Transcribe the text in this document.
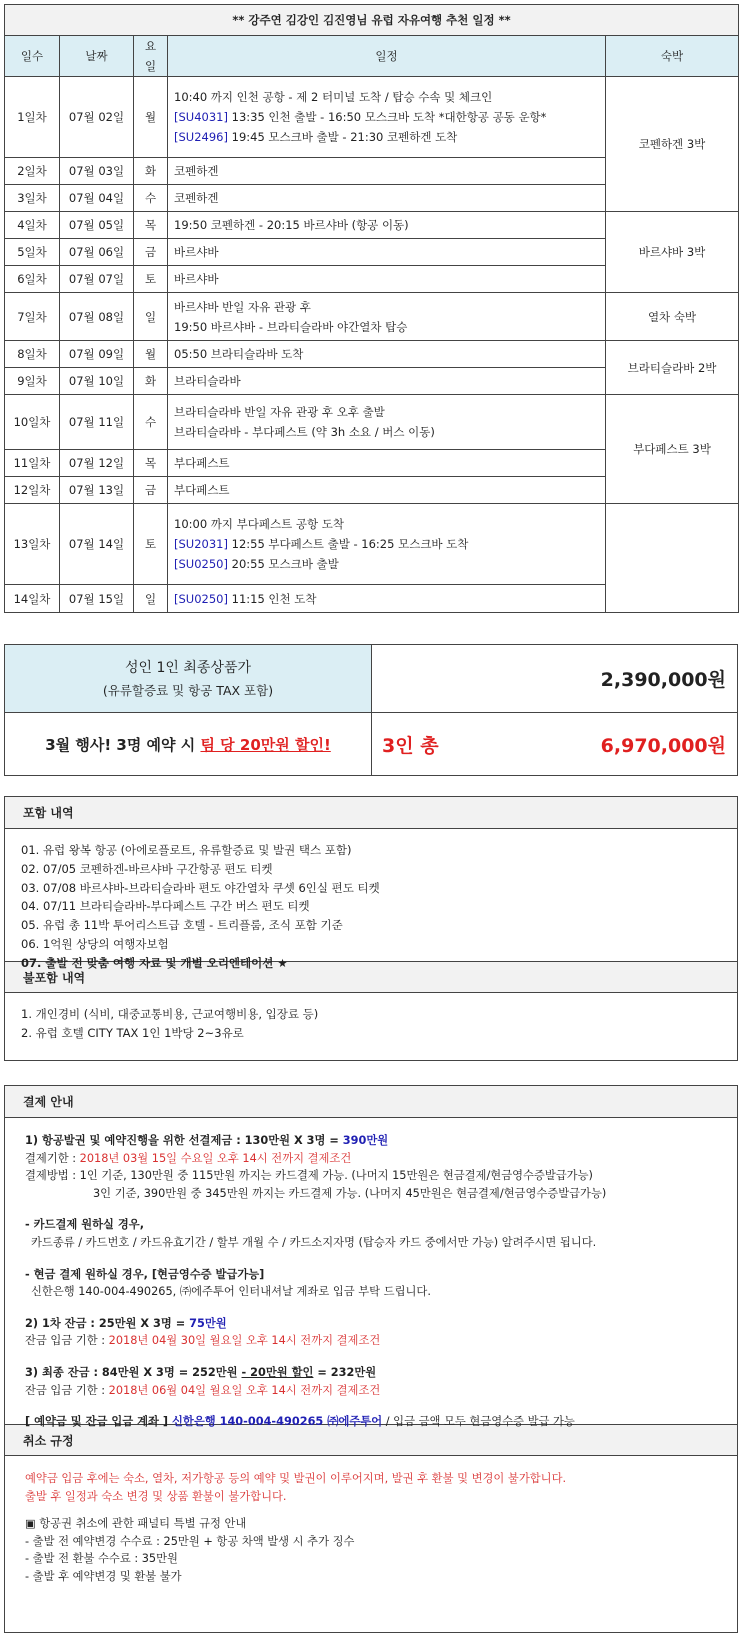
** 강주연 김강인 김진영님 유럽 자유여행 추천 일정 **				
일수	날짜	요일	일정	숙박
1일차	07월 02일	월	10:40 까지 인천 공항 - 제 2 터미널 도착 / 탑승 수속 및 체크인
[SU4031] 13:35 인천 출발 - 16:50 모스크바 도착 *대한항공 공동 운항*
[SU2496] 19:45 모스크바 출발 - 21:30 코펜하겐 도착	코펜하겐 3박
2일차	07월 03일	화	코펜하겐	
3일차	07월 04일	수	코펜하겐	
4일차	07월 05일	목	19:50 코펜하겐 - 20:15 바르샤바 (항공 이동)	바르샤바 3박
5일차	07월 06일	금	바르샤바	
6일차	07월 07일	토	바르샤바	
7일차	07월 08일	일	바르샤바 반일 자유 관광 후
19:50 바르샤바 - 브라티슬라바 야간열차 탑승	열차 숙박
8일차	07월 09일	월	05:50 브라티슬라바 도착	브라티슬라바 2박
9일차	07월 10일	화	브라티슬라바	
10일차	07월 11일	수	브라티슬라바 반일 자유 관광 후 오후 출발
브라티슬라바 - 부다페스트 (약 3h 소요 / 버스 이동)	부다페스트 3박
11일차	07월 12일	목	부다페스트	
12일차	07월 13일	금	부다페스트	
13일차	07월 14일	토	10:00 까지 부다페스트 공항 도착
[SU2031] 12:55 부다페스트 출발 - 16:25 모스크바 도착
[SU0250] 20:55 모스크바 출발	

14일차	07월 15일	일	[SU0250] 11:15 인천 도착	
성인 1인 최종상품가
(유류할증료 및 항공 TAX 포함)	2,390,000원
3월 행사! 3명 예약 시 팀 당 20만원 할인!	3인 총	6,970,000원
포함 내역
01. 유럽 왕복 항공 (아에로플로트, 유류할증료 및 발권 택스 포함)
02. 07/05 코펜하겐-바르샤바 구간항공 편도 티켓
03. 07/08 바르샤바-브라티슬라바 편도 야간열차 쿠셋 6인실 편도 티켓
04. 07/11 브라티슬라바-부다페스트 구간 버스 편도 티켓
05. 유럽 총 11박 투어리스트급 호텔 - 트리플룸, 조식 포함 기준
06. 1억원 상당의 여행자보험
07. 출발 전 맞춤 여행 자료 및 개별 오리엔테이션 ★
불포함 내역
1. 개인경비 (식비, 대중교통비용, 근교여행비용, 입장료 등)
2. 유럽 호텔 CITY TAX 1인 1박당 2~3유로
결제 안내
1) 항공발권 및 예약진행을 위한 선결제금 : 130만원 X 3명 = 390만원
결제기한 : 2018년 03월 15일 수요일 오후 14시 전까지 결제조건
결제방법 : 1인 기준, 130만원 중 115만원 까지는 카드결제 가능. (나머지 15만원은 현금결제/현금영수증발급가능)
3인 기준, 390만원 중 345만원 까지는 카드결제 가능. (나머지 45만원은 현금결제/현금영수증발급가능)
- 카드결제 원하실 경우,
카드종류 / 카드번호 / 카드유효기간 / 할부 개월 수 / 카드소지자명 (탑승자 카드 중에서만 가능) 알려주시면 됩니다.
- 현금 결제 원하실 경우, [현금영수증 발급가능]
신한은행 140-004-490265, ㈜에주투어 인터내셔날 계좌로 입금 부탁 드립니다.
2) 1차 잔금 : 25만원 X 3명 = 75만원
잔금 입금 기한 : 2018년 04월 30일 월요일 오후 14시 전까지 결제조건
3) 최종 잔금 : 84만원 X 3명 = 252만원 - 20만원 할인 = 232만원
잔금 입금 기한 : 2018년 06월 04일 월요일 오후 14시 전까지 결제조건
[ 예약금 및 잔금 입금 계좌 ] 신한은행 140-004-490265 ㈜에주투어 / 입금 금액 모두 현금영수증 발급 가능
취소 규정
예약금 입금 후에는 숙소, 열차, 저가항공 등의 예약 및 발권이 이루어지며, 발권 후 환불 및 변경이 불가합니다.
출발 후 일정과 숙소 변경 및 상품 환불이 불가합니다.
▣ 항공권 취소에 관한 패널티 특별 규정 안내
- 출발 전 예약변경 수수료 : 25만원 + 항공 차액 발생 시 추가 징수
- 출발 전 환불 수수료 : 35만원
- 출발 후 예약변경 및 환불 불가
